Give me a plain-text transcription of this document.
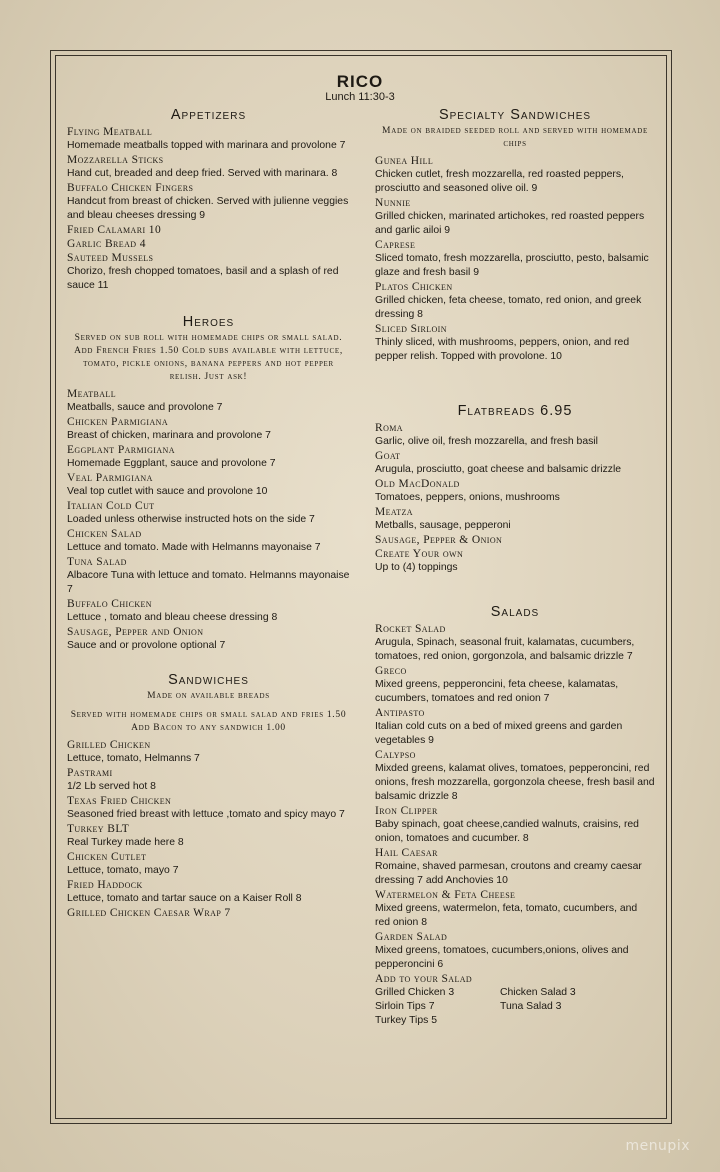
RICO
Lunch 11:30-3
Appetizers
Flying Meatball
Homemade meatballs topped with marinara and provolone 7
Mozzarella Sticks
Hand cut, breaded and deep fried. Served with marinara. 8
Buffalo Chicken Fingers
Handcut from breast of chicken. Served with julienne veggies and bleau cheeses dressing 9
Fried Calamari 10
Garlic Bread 4
Sauteed Mussels
Chorizo, fresh chopped tomatoes, basil and a splash of red sauce 11
Heroes
Served on sub roll with homemade chips or small salad. Add French Fries 1.50 Cold subs available with lettuce, tomato, pickle onions, banana peppers and hot pepper relish. Just ask!
Meatball
Meatballs, sauce and provolone 7
Chicken Parmigiana
Breast of chicken, marinara and provolone 7
Eggplant Parmigiana
Homemade Eggplant, sauce and provolone 7
Veal Parmigiana
Veal top cutlet with sauce and provolone 10
Italian Cold Cut
Loaded unless otherwise instructed hots on the side 7
Chicken Salad
Lettuce and tomato. Made with Helmanns mayonaise 7
Tuna Salad
Albacore Tuna with lettuce and tomato. Helmanns mayonaise 7
Buffalo Chicken
Lettuce , tomato and bleau cheese dressing 8
Sausage, Pepper and Onion
Sauce and or provolone optional 7
Sandwiches
Made on available breads
Served with homemade chips or small salad and fries 1.50 Add Bacon to any sandwich 1.00
Grilled Chicken
Lettuce, tomato, Helmanns 7
Pastrami
1/2 Lb served hot 8
Texas Fried Chicken
Seasoned fried breast with lettuce ,tomato and spicy mayo 7
Turkey BLT
Real Turkey made here 8
Chicken Cutlet
Lettuce, tomato, mayo 7
Fried Haddock
Lettuce, tomato and tartar sauce on a Kaiser Roll 8
Grilled Chicken Caesar Wrap 7
Specialty Sandwiches
Made on braided seeded roll and served with homemade chips
Gunea Hill
Chicken cutlet, fresh mozzarella, red roasted peppers, prosciutto and seasoned olive oil. 9
Nunnie
Grilled chicken, marinated artichokes, red roasted peppers and garlic ailoi 9
Caprese
Sliced tomato, fresh mozzarella, prosciutto, pesto, balsamic glaze and fresh basil 9
Platos Chicken
Grilled chicken, feta cheese, tomato, red onion, and greek dressing 8
Sliced Sirloin
Thinly sliced, with mushrooms, peppers, onion, and red pepper relish. Topped with provolone. 10
Flatbreads 6.95
Roma
Garlic, olive oil, fresh mozzarella, and fresh basil
Goat
Arugula, prosciutto, goat cheese and balsamic drizzle
Old MacDonald
Tomatoes, peppers, onions, mushrooms
Meatza
Metballs, sausage, pepperoni
Sausage, Pepper & Onion
Create Your own
Up to (4) toppings
Salads
Rocket Salad
Arugula, Spinach, seasonal fruit, kalamatas, cucumbers, tomatoes, red onion, gorgonzola, and balsamic drizzle 7
Greco
Mixed greens, pepperoncini, feta cheese, kalamatas, cucumbers, tomatoes and red onion 7
Antipasto
Italian cold cuts on a bed of mixed greens and garden vegetables 9
Calypso
Mixded greens, kalamat olives, tomatoes, pepperoncini, red onions, fresh mozzarella, gorgonzola cheese, fresh basil and balsamic drizzle 8
Iron Clipper
Baby spinach, goat cheese,candied walnuts, craisins, red onion, tomatoes and cucumber. 8
Hail Caesar
Romaine, shaved parmesan, croutons and creamy caesar dressing 7 add Anchovies 10
Watermelon & Feta Cheese
Mixed greens, watermelon, feta, tomato, cucumbers, and red onion 8
Garden Salad
Mixed greens, tomatoes, cucumbers,onions, olives and pepperoncini 6
Add to your Salad
Grilled Chicken 3	Chicken Salad 3
Sirloin Tips 7	Tuna Salad 3
Turkey Tips 5
menupix
